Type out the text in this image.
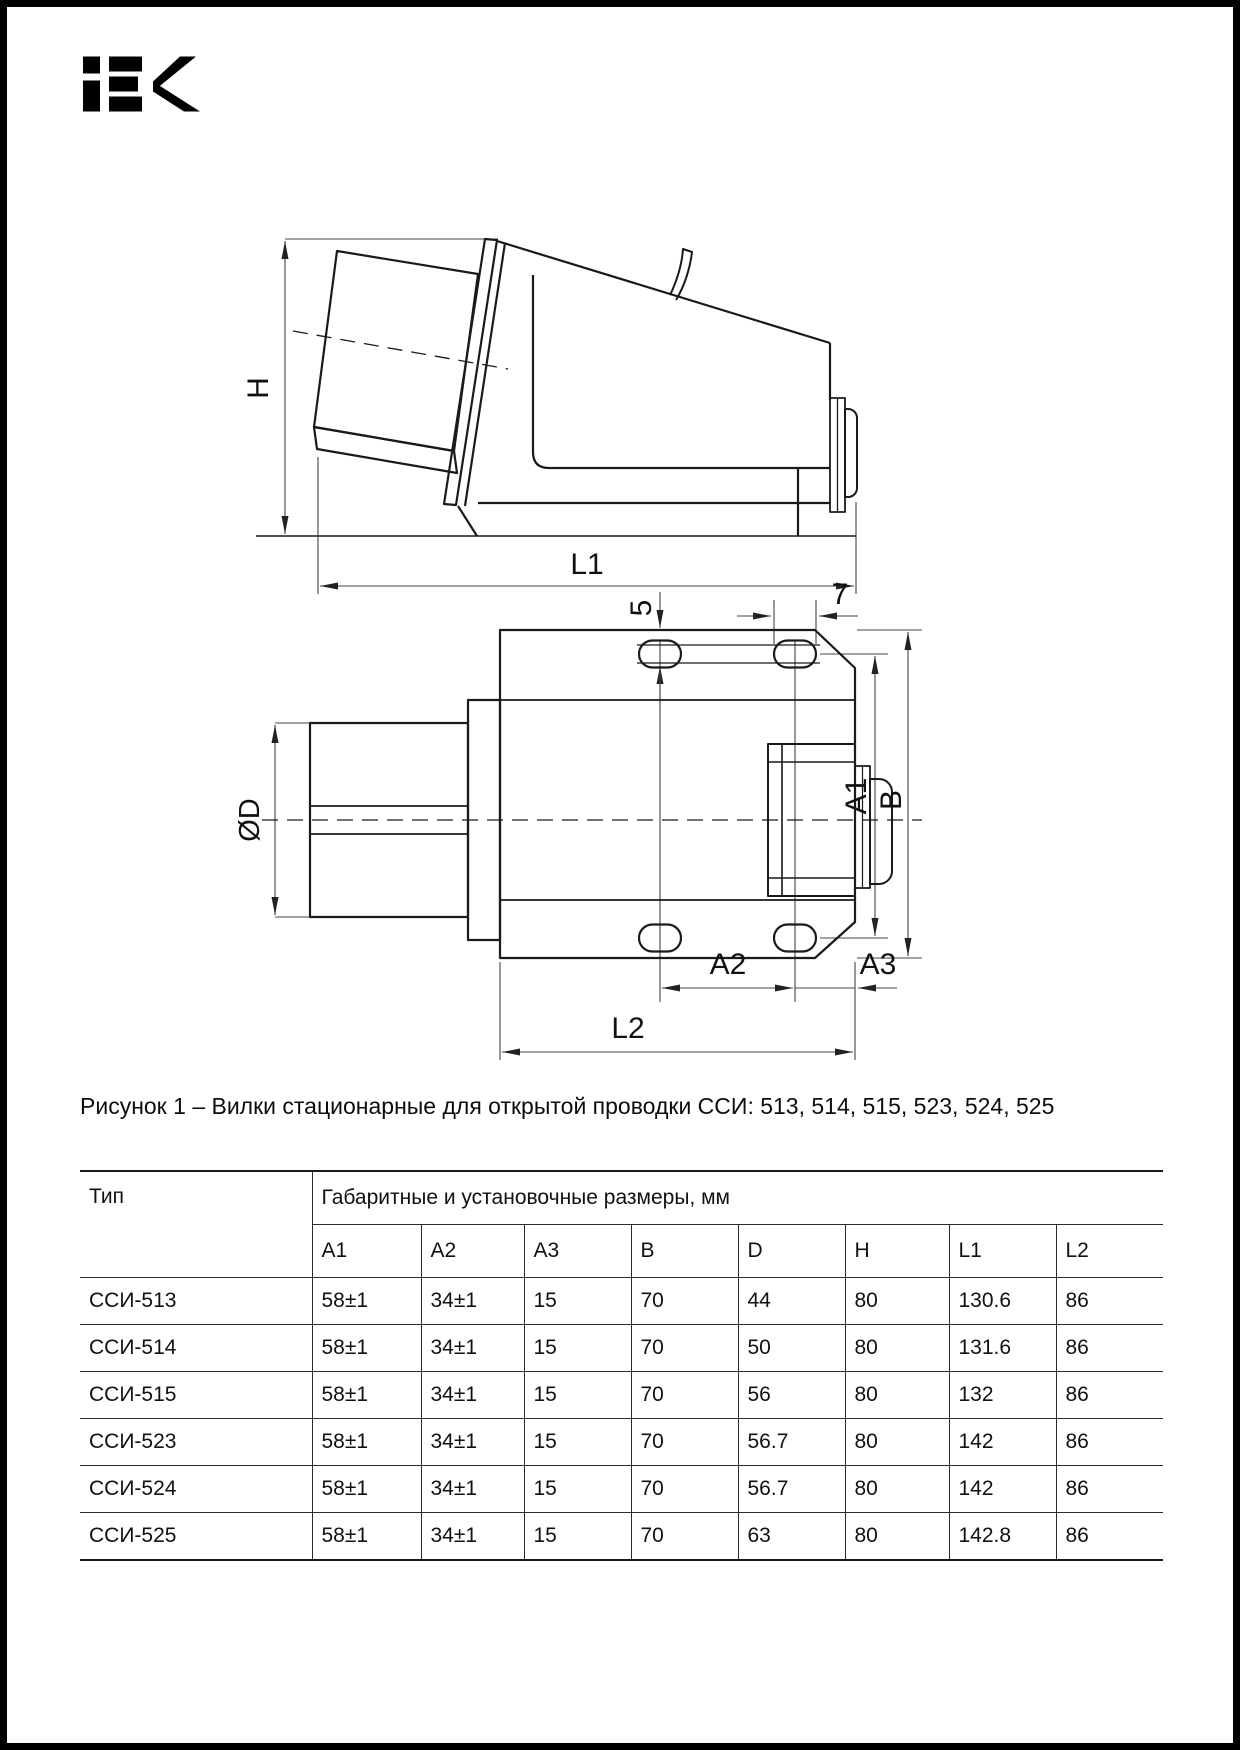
H
L1
ØD
5	7
A1 B
A2	A3
L2
Рисунок 1 – Вилки стационарные для открытой проводки ССИ: 513, 514, 515, 523, 524, 525
Тип	Габаритные и установочные размеры, мм							
	A1	A2	A3	B	D	H	L1	L2
ССИ-513	58±1	34±1	15	70	44	80	130.6	86
ССИ-514	58±1	34±1	15	70	50	80	131.6	86
ССИ-515	58±1	34±1	15	70	56	80	132	86
ССИ-523	58±1	34±1	15	70	56.7	80	142	86
ССИ-524	58±1	34±1	15	70	56.7	80	142	86
ССИ-525	58±1	34±1	15	70	63	80	142.8	86
